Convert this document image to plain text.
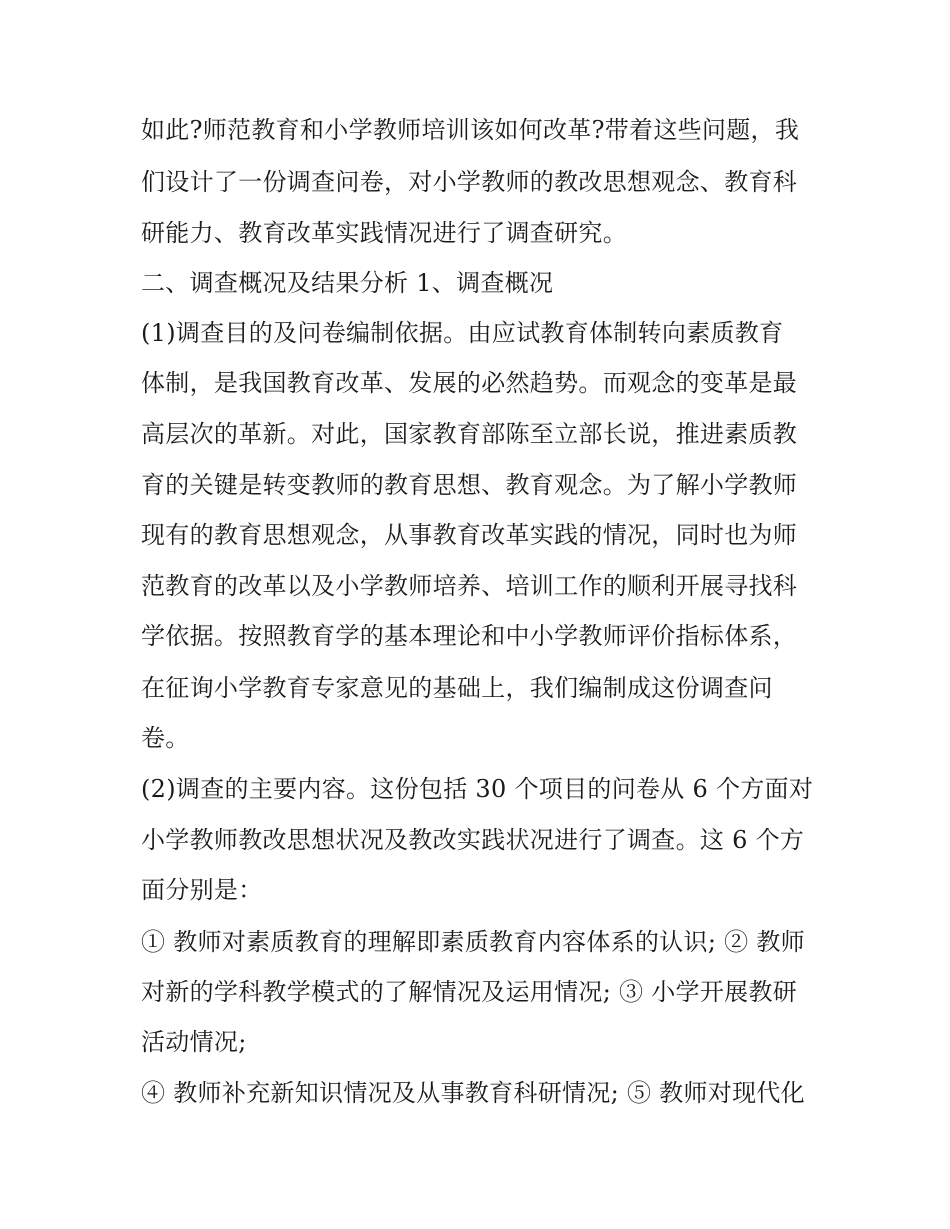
如此?师范教育和小学教师培训该如何改革?带着这些问题，我
们设计了一份调查问卷，对小学教师的教改思想观念、教育科
研能力、教育改革实践情况进行了调查研究。
二、调查概况及结果分析 1、调查概况
(1)调查目的及问卷编制依据。由应试教育体制转向素质教育
体制，是我国教育改革、发展的必然趋势。而观念的变革是最
高层次的革新。对此，国家教育部陈至立部长说，推进素质教
育的关键是转变教师的教育思想、教育观念。为了解小学教师
现有的教育思想观念，从事教育改革实践的情况，同时也为师
范教育的改革以及小学教师培养、培训工作的顺利开展寻找科
学依据。按照教育学的基本理论和中小学教师评价指标体系，
在征询小学教育专家意见的基础上，我们编制成这份调查问
卷。
(2)调查的主要内容。这份包括 30 个项目的问卷从 6 个方面对
小学教师教改思想状况及教改实践状况进行了调查。这 6 个方
面分别是：
① 教师对素质教育的理解即素质教育内容体系的认识; ② 教师
对新的学科教学模式的了解情况及运用情况; ③ 小学开展教研
活动情况;
④ 教师补充新知识情况及从事教育科研情况; ⑤ 教师对现代化
